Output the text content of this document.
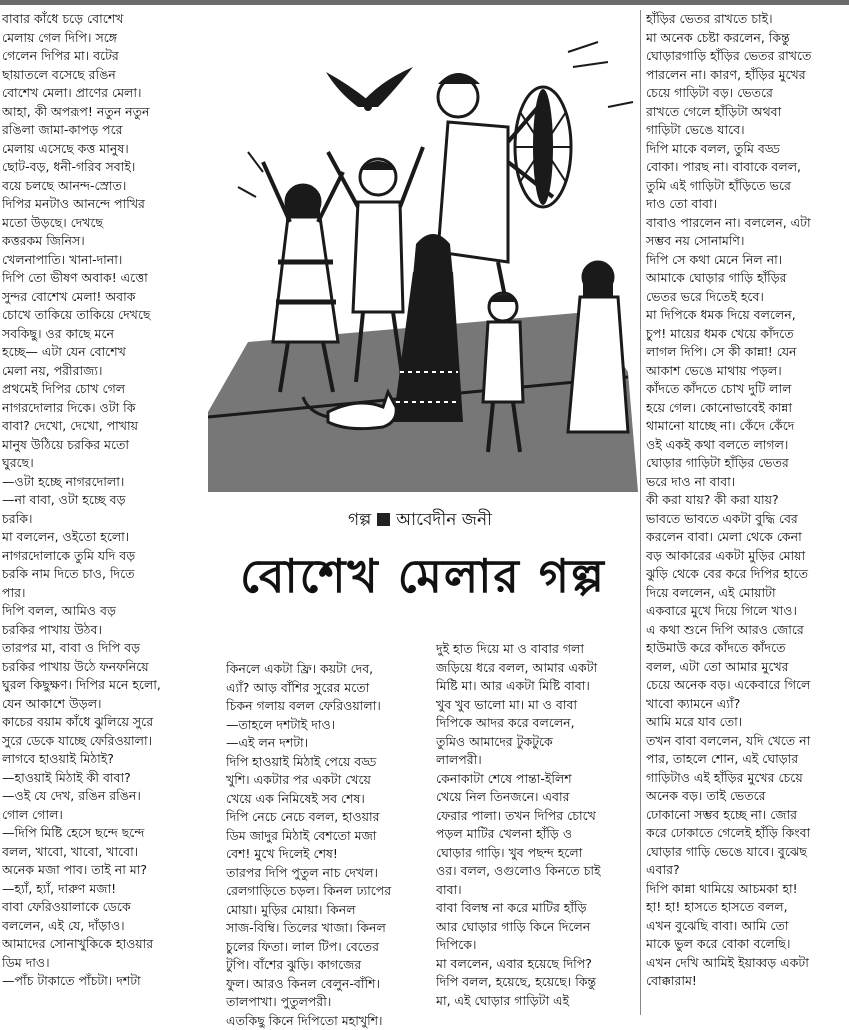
বাবার কাঁধে চড়ে বোশেখ
মেলায় গেল দিপি। সঙ্গে
গেলেন দিপির মা। বটের
ছায়াতলে বসেছে রঙিন
বোশেখ মেলা। প্রাণের মেলা।
আহা, কী অপরূপ! নতুন নতুন
রঙিলা জামা-কাপড় পরে
মেলায় এসেছে কত্ত মানুষ।
ছোট-বড়, ধনী-গরিব সবাই।
বয়ে চলছে আনন্দ-স্রোত।
দিপির মনটাও আনন্দে পাখির
মতো উড়ছে। দেখছে
কত্তরকম জিনিস।
খেলনাপাতি। খানা-দানা।
দিপি তো ভীষণ অবাক! এত্তো
সুন্দর বোশেখ মেলা! অবাক
চোখে তাকিয়ে তাকিয়ে দেখছে
সবকিছু। ওর কাছে মনে
হচ্ছে— এটা যেন বোশেখ
মেলা নয়, পরীরাজ্য।
প্রথমেই দিপির চোখ গেল
নাগরদোলার দিকে। ওটা কি
বাবা? দেখো, দেখো, পাখায়
মানুষ উঠিয়ে চরকির মতো
ঘুরছে।
—ওটা হচ্ছে নাগরদোলা।
—না বাবা, ওটা হচ্ছে বড়
চরকি।
মা বললেন, ওইতো হলো।
নাগরদোলাকে তুমি যদি বড়
চরকি নাম দিতে চাও, দিতে
পার।
দিপি বলল, আমিও বড়
চরকির পাখায় উঠব।
তারপর মা, বাবা ও দিপি বড়
চরকির পাখায় উঠে ফনফনিয়ে
ঘুরল কিছুক্ষণ। দিপির মনে হলো,
যেন আকাশে উড়ল।
কাচের বয়াম কাঁধে ঝুলিয়ে সুরে
সুরে ডেকে যাচ্ছে ফেরিওয়ালা।
লাগবে হাওয়াই মিঠাই?
—হাওয়াই মিঠাই কী বাবা?
—ওই যে দেখ, রঙিন রঙিন।
গোল গোল।
—দিপি মিষ্টি হেসে ছন্দে ছন্দে
বলল, খাবো, খাবো, খাবো।
অনেক মজা পাব। তাই না মা?
—হ্যাঁ, হ্যাঁ, দারুণ মজা!
বাবা ফেরিওয়ালাকে ডেকে
বললেন, এই যে, দাঁড়াও।
আমাদের সোনাখুকিকে হাওয়ার
ডিম দাও।
—পাঁচ টাকাতে পাঁচটা। দশটা
গল্প আবেদীন জনী
বোশেখ মেলার গল্প
কিনলে একটা ফ্রি। কয়টা দেব,
এ্যাঁ? আড় বাঁশির সুরের মতো
চিকন গলায় বলল ফেরিওয়ালা।
—তাহলে দশটাই দাও।
—এই লন দশটা।
দিপি হাওয়াই মিঠাই পেয়ে বড্ড
খুশি। একটার পর একটা খেয়ে
খেয়ে এক নিমিষেই সব শেষ।
দিপি নেচে নেচে বলল, হাওয়ার
ডিম জাদুর মিঠাই বেশতো মজা
বেশ! মুখে দিলেই শেষ!
তারপর দিপি পুতুল নাচ দেখল।
রেলগাড়িতে চড়ল। কিনল ঢ্যাপের
মোয়া। মুড়ির মোয়া। কিনল
সাজ-বিম্বি। তিলের খাজা। কিনল
চুলের ফিতা। লাল টিপ। বেতের
টুপি। বাঁশের ঝুড়ি। কাগজের
ফুল। আরও কিনল বেলুন-বাঁশি।
তালপাখা। পুতুলপরী।
এতকিছু কিনে দিপিতো মহাখুশি।
দুই হাত দিয়ে মা ও বাবার গলা
জড়িয়ে ধরে বলল, আমার একটা
মিষ্টি মা। আর একটা মিষ্টি বাবা।
খুব খুব ভালো মা। মা ও বাবা
দিপিকে আদর করে বললেন,
তুমিও আমাদের টুকটুকে
লালপরী।
কেনাকাটা শেষে পান্তা-ইলিশ
খেয়ে নিল তিনজনে। এবার
ফেরার পালা। তখন দিপির চোখে
পড়ল মাটির খেলনা হাঁড়ি ও
ঘোড়ার গাড়ি। খুব পছন্দ হলো
ওর। বলল, ওগুলোও কিনতে চাই
বাবা।
বাবা বিলম্ব না করে মাটির হাঁড়ি
আর ঘোড়ার গাড়ি কিনে দিলেন
দিপিকে।
মা বললেন, এবার হয়েছে দিপি?
দিপি বলল, হয়েছে, হয়েছে। কিন্তু
মা, এই ঘোড়ার গাড়িটা এই
হাঁড়ির ভেতর রাখতে চাই।
মা অনেক চেষ্টা করলেন, কিন্তু
ঘোড়ারগাড়ি হাঁড়ির ভেতর রাখতে
পারলেন না। কারণ, হাঁড়ির মুখের
চেয়ে গাড়িটা বড়। ভেতরে
রাখতে গেলে হাঁড়িটা অথবা
গাড়িটা ভেঙে যাবে।
দিপি মাকে বলল, তুমি বড্ড
বোকা। পারছ না। বাবাকে বলল,
তুমি এই গাড়িটা হাঁড়িতে ভরে
দাও তো বাবা।
বাবাও পারলেন না। বললেন, এটা
সম্ভব নয় সোনামণি।
দিপি সে কথা মেনে নিল না।
আমাকে ঘোড়ার গাড়ি হাঁড়ির
ভেতর ভরে দিতেই হবে।
মা দিপিকে ধমক দিয়ে বললেন,
চুপ! মায়ের ধমক খেয়ে কাঁদতে
লাগল দিপি। সে কী কান্না! যেন
আকাশ ভেঙে মাথায় পড়ল।
কাঁদতে কাঁদতে চোখ দুটি লাল
হয়ে গেল। কোনোভাবেই কান্না
থামানো যাচ্ছে না। কেঁদে কেঁদে
ওই একই কথা বলতে লাগল।
ঘোড়ার গাড়িটা হাঁড়ির ভেতর
ভরে দাও না বাবা।
কী করা যায়? কী করা যায়?
ভাবতে ভাবতে একটা বুদ্ধি বের
করলেন বাবা। মেলা থেকে কেনা
বড় আকারের একটা মুড়ির মোয়া
ঝুড়ি থেকে বের করে দিপির হাতে
দিয়ে বললেন, এই মোয়াটা
একবারে মুখে দিয়ে গিলে খাও।
এ কথা শুনে দিপি আরও জোরে
হাউমাউ করে কাঁদতে কাঁদতে
বলল, এটা তো আমার মুখের
চেয়ে অনেক বড়। একেবারে গিলে
খাবো ক্যামনে এ্যাঁ?
আমি মরে যাব তো।
তখন বাবা বললেন, যদি খেতে না
পার, তাহলে শোন, এই ঘোড়ার
গাড়িটাও এই হাঁড়ির মুখের চেয়ে
অনেক বড়। তাই ভেতরে
ঢোকানো সম্ভব হচ্ছে না। জোর
করে ঢোকাতে গেলেই হাঁড়ি কিংবা
ঘোড়ার গাড়ি ভেঙে যাবে। বুঝেছ
এবার?
দিপি কান্না থামিয়ে আচমকা হা!
হা! হা! হাসতে হাসতে বলল,
এখন বুঝেছি বাবা। আমি তো
মাকে ভুল করে বোকা বলেছি।
এখন দেখি আমিই ইয়াব্বড় একটা
বোক্কারাম!
